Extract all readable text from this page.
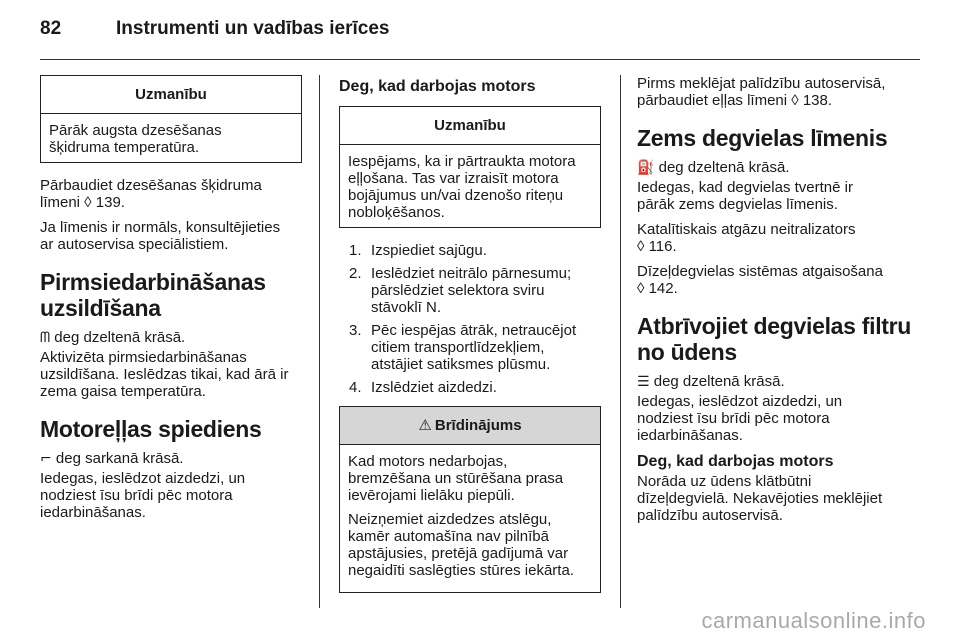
82	Instrumenti un vadības ierīces
Uzmanību
Pārāk augsta dzesēšanas
šķidruma temperatūra.

Pārbaudiet dzesēšanas šķidruma
līmeni ◊ 139.

Ja līmenis ir normāls, konsultējieties
ar autoservisa speciālistiem.

Pirmsiedarbināšanas
uzsildīšana

ᗰ deg dzeltenā krāsā.

Aktivizēta pirmsiedarbināšanas
uzsildīšana. Ieslēdzas tikai, kad ārā ir
zema gaisa temperatūra.

Motoreļļas spiediens

⌐ deg sarkanā krāsā.

Iedegas, ieslēdzot aizdedzi, un
nodziest īsu brīdi pēc motora
iedarbināšanas.

Deg, kad darbojas motors
Uzmanību
Iespējams, ka ir pārtraukta motora
eļļošana. Tas var izraisīt motora
bojājumus un/vai dzenošo riteņu
nobloķēšanos.
1. Izspiediet sajūgu.
2. Ieslēdziet neitrālo pārnesumu;
pārslēdziet selektora sviru
stāvoklī N.
3. Pēc iespējas ātrāk, netraucējot
citiem transportlīdzekļiem,
atstājiet satiksmes plūsmu.
4. Izslēdziet aizdedzi.
⚠ Brīdinājums

Kad motors nedarbojas,
bremzēšana un stūrēšana prasa
ievērojami lielāku piepūli.

Neizņemiet aizdedzes atslēgu,
kamēr automašīna nav pilnībā
apstājusies, pretējā gadījumā var
negaidīti saslēgties stūres iekārta.

Pirms meklējat palīdzību autoservisā,
pārbaudiet eļļas līmeni ◊ 138.

Zems degvielas līmenis

⛽ deg dzeltenā krāsā.

Iedegas, kad degvielas tvertnē ir
pārāk zems degvielas līmenis.

Katalītiskais atgāzu neitralizators
◊ 116.

Dīzeļdegvielas sistēmas atgaisošana
◊ 142.

Atbrīvojiet degvielas filtru
no ūdens

☰ deg dzeltenā krāsā.

Iedegas, ieslēdzot aizdedzi, un
nodziest īsu brīdi pēc motora
iedarbināšanas.

Deg, kad darbojas motors

Norāda uz ūdens klātbūtni
dīzeļdegvielā. Nekavējoties meklējiet
palīdzību autoservisā.

carmanualsonline.info
